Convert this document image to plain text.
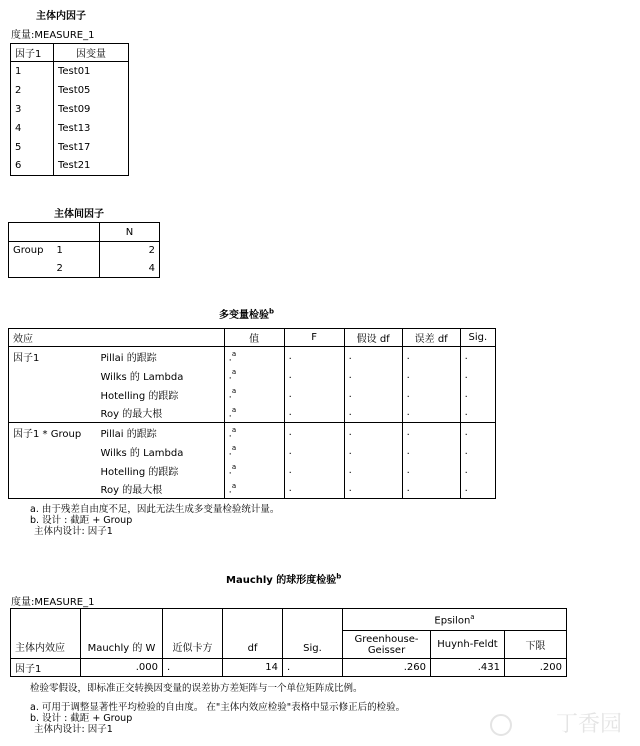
主体内因子
度量:MEASURE_1
因子1	因变量
1	Test01
2	Test05
3	Test09
4	Test13
5	Test17
6	Test21
主体间因子
		N
Group	1	2
	2	4
多变量检验$^b$
效应		值	F	假设 df	误差 df	Sig.
因子1	Pillai 的跟踪	.$^a$	.	.	.	.
	Wilks 的 Lambda	.$^a$	.	.	.	.
	Hotelling 的跟踪	.$^a$	.	.	.	.
	Roy 的最大根	.$^a$	.	.	.	.
因子1 * Group	Pillai 的跟踪	.$^a$	.	.	.	.
	Wilks 的 Lambda	.$^a$	.	.	.	.
	Hotelling 的跟踪	.$^a$	.	.	.	.
	Roy 的最大根	.$^a$	.	.	.	.
a. 由于残差自由度不足，因此无法生成多变量检验统计量。
b. 设计 : 截距 + Group
主体内设计: 因子1
Mauchly 的球形度检验$^b$
度量:MEASURE_1
主体内效应	Mauchly 的 W	近似卡方	df	Sig.	Epsilon$^a$
					Greenhouse-Geisser	Huynh-Feldt	下限
因子1	.000	.	14	.	.260	.431	.200
检验零假设，即标准正交转换因变量的误差协方差矩阵与一个单位矩阵成比例。
a. 可用于调整显著性平均检验的自由度。 在"主体内效应检验"表格中显示修正后的检验。
b. 设计 : 截距 + Group
主体内设计: 因子1	丁香园
